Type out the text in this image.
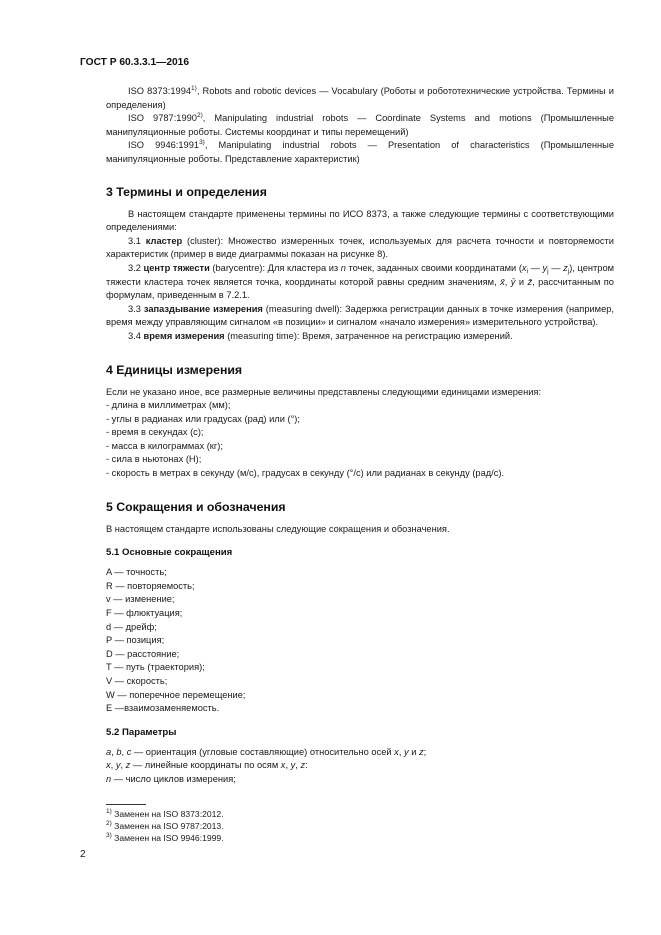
ГОСТ Р 60.3.3.1—2016

ISO 8373:1994$^{1)}$, Robots and robotic devices — Vocabulary (Роботы и робототехнические устройства. Термины и определения)

ISO 9787:1990$^{2)}$, Manipulating industrial robots — Coordinate Systems and motions (Промышленные манипуляционные роботы. Системы координат и типы перемещений)

ISO 9946:1991$^{3)}$, Manipulating industrial robots — Presentation of characteristics (Промышленные манипуляционные роботы. Представление характеристик)

3 Термины и определения

В настоящем стандарте применены термины по ИСО 8373, а также следующие термины с соответствующими определениями:

3.1 кластер (cluster): Множество измеренных точек, используемых для расчета точности и повторяемости характеристик (пример в виде диаграммы показан на рисунке 8).

3.2 центр тяжести (barycentre): Для кластера из n точек, заданных своими координатами ($x_i$ — $y_j$ — $z_j$), центром тяжести кластера точек является точка, координаты которой равны средним значениям, x̄, ȳ и z̄, рассчитанным по формулам, приведенным в 7.2.1.

3.3 запаздывание измерения (measuring dwell): Задержка регистрации данных в точке измерения (например, время между управляющим сигналом «в позиции» и сигналом «начало измерения» измерительного устройства).

3.4 время измерения (measuring time): Время, затраченное на регистрацию измерений.

4 Единицы измерения

Если не указано иное, все размерные величины представлены следующими единицами измерения:

- длина в миллиметрах (мм);
- углы в радианах или градусах (рад) или (°);
- время в секундах (с);
- масса в килограммах (кг);
- сила в ньютонах (Н);
- скорость в метрах в секунду (м/с), градусах в секунду (°/с) или радианах в секунду (рад/с).
5 Сокращения и обозначения

В настоящем стандарте использованы следующие сокращения и обозначения.

5.1 Основные сокращения
A — точность;
R — повторяемость;
v — изменение;
F — флюктуация;
d — дрейф;
P — позиция;
D — расстояние;
T — путь (траектория);
V — скорость;
W — поперечное перемещение;
E —взаимозаменяемость.
5.2 Параметры

a, b, c — ориентация (угловые составляющие) относительно осей x, y и z;

x, y, z — линейные координаты по осям x, y, z:

n — число циклов измерения;

$^{1)}$ Заменен на ISO 8373:2012.
$^{2)}$ Заменен на ISO 9787:2013.
$^{3)}$ Заменен на ISO 9946:1999.
2
